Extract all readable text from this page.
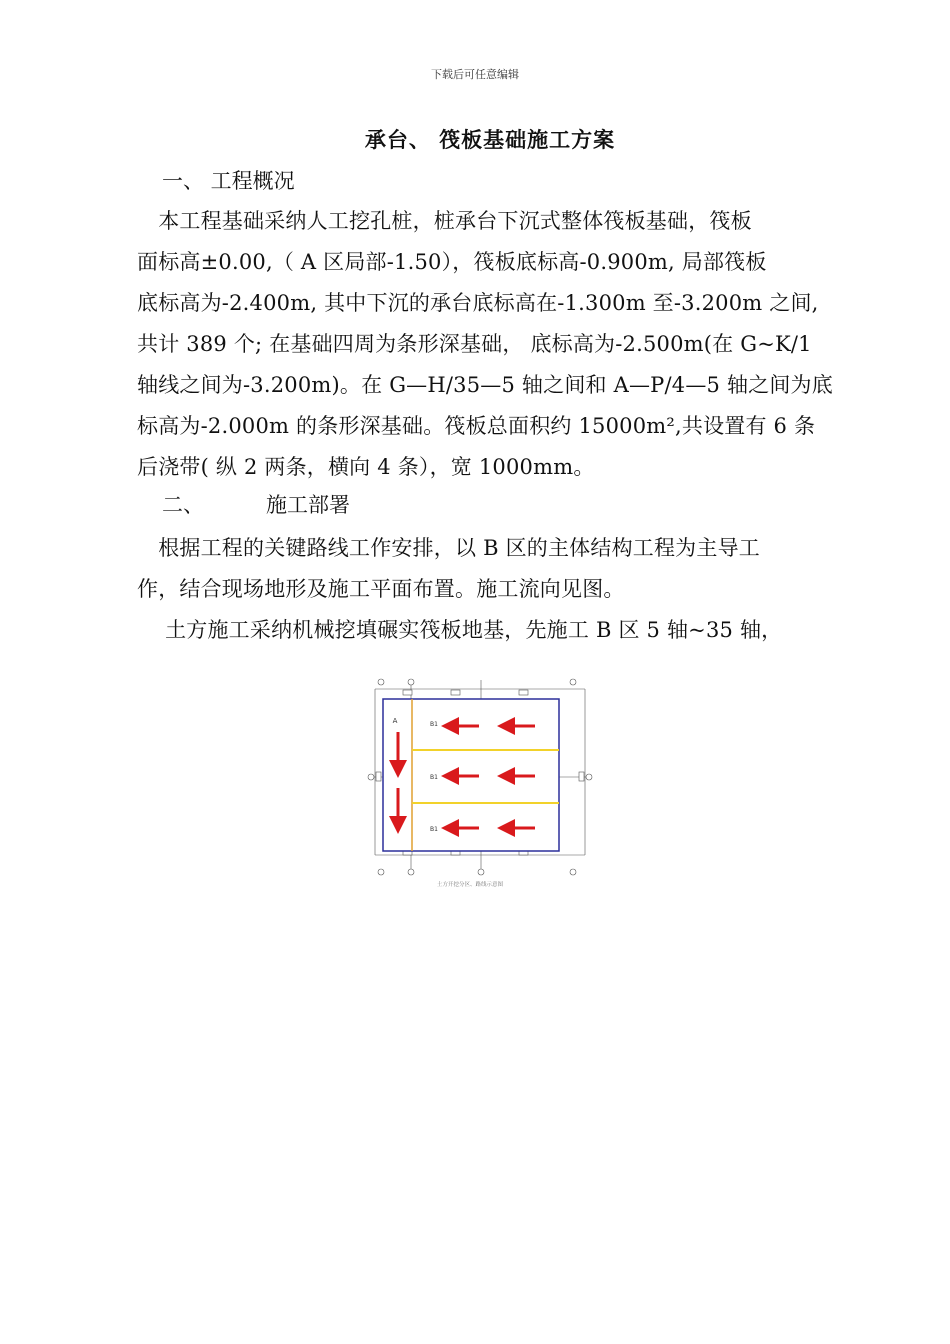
下载后可任意编辑
承台、 筏板基础施工方案
一、 工程概况
　本工程基础采纳人工挖孔桩，桩承台下沉式整体筏板基础，筏板
面标高±0.00,（ A 区局部-1.50），筏板底标高-0.900m, 局部筏板
底标高为-2.400m, 其中下沉的承台底标高在-1.300m 至-3.200m 之间,
共计 389 个; 在基础四周为条形深基础， 底标高为-2.500m(在 G~K/1
轴线之间为-3.200m)。在 G—H/35—5 轴之间和 A—P/4—5 轴之间为底
标高为-2.000m 的条形深基础。筏板总面积约 15000m²,共设置有 6 条
后浇带( 纵 2 两条，横向 4 条），宽 1000mm。
二、	施工部署
　根据工程的关键路线工作安排，以 B 区的主体结构工程为主导工
作，结合现场地形及施工平面布置。施工流向见图。
　 土方施工采纳机械挖填碾实筏板地基，先施工 B 区 5 轴~35 轴，
A	B1
B1
B1
土方开挖分区、路线示意图
